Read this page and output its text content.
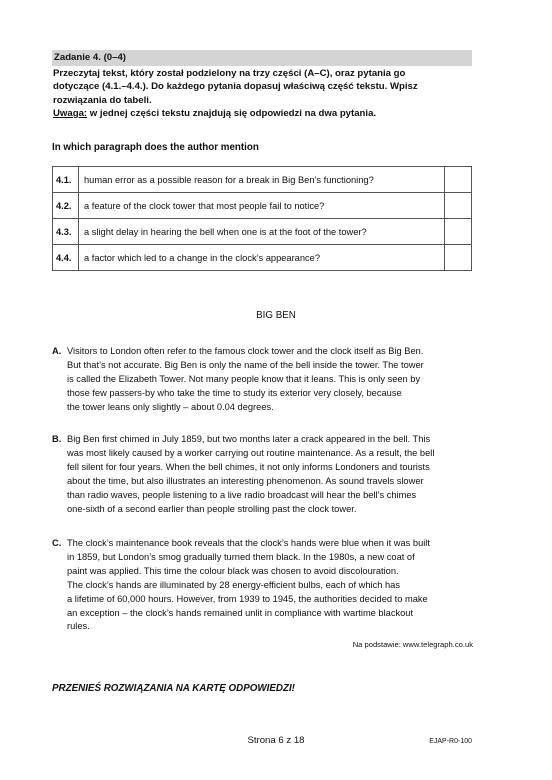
Zadanie 4. (0–4)
Przeczytaj tekst, który został podzielony na trzy części (A–C), oraz pytania go
dotyczące (4.1.–4.4.). Do każdego pytania dopasuj właściwą część tekstu. Wpisz
rozwiązania do tabeli.
Uwaga: w jednej części tekstu znajdują się odpowiedzi na dwa pytania.
In which paragraph does the author mention
4.1.	human error as a possible reason for a break in Big Ben’s functioning?	
4.2.	a feature of the clock tower that most people fail to notice?	
4.3.	a slight delay in hearing the bell when one is at the foot of the tower?	
4.4.	a factor which led to a change in the clock’s appearance?	
BIG BEN
A. Visitors to London often refer to the famous clock tower and the clock itself as Big Ben.
But that’s not accurate. Big Ben is only the name of the bell inside the tower. The tower
is called the Elizabeth Tower. Not many people know that it leans. This is only seen by
those few passers-by who take the time to study its exterior very closely, because
the tower leans only slightly – about 0.04 degrees.
B. Big Ben first chimed in July 1859, but two months later a crack appeared in the bell. This
was most likely caused by a worker carrying out routine maintenance. As a result, the bell
fell silent for four years. When the bell chimes, it not only informs Londoners and tourists
about the time, but also illustrates an interesting phenomenon. As sound travels slower
than radio waves, people listening to a live radio broadcast will hear the bell’s chimes
one-sixth of a second earlier than people strolling past the clock tower.
C. The clock’s maintenance book reveals that the clock’s hands were blue when it was built
in 1859, but London’s smog gradually turned them black. In the 1980s, a new coat of
paint was applied. This time the colour black was chosen to avoid discolouration.
The clock’s hands are illuminated by 28 energy-efficient bulbs, each of which has
a lifetime of 60,000 hours. However, from 1939 to 1945, the authorities decided to make
an exception – the clock’s hands remained unlit in compliance with wartime blackout
rules.
Na podstawie: www.telegraph.co.uk
PRZENIEŚ ROZWIĄZANIA NA KARTĘ ODPOWIEDZI!
Strona 6 z 18	EJAP-R0-100
